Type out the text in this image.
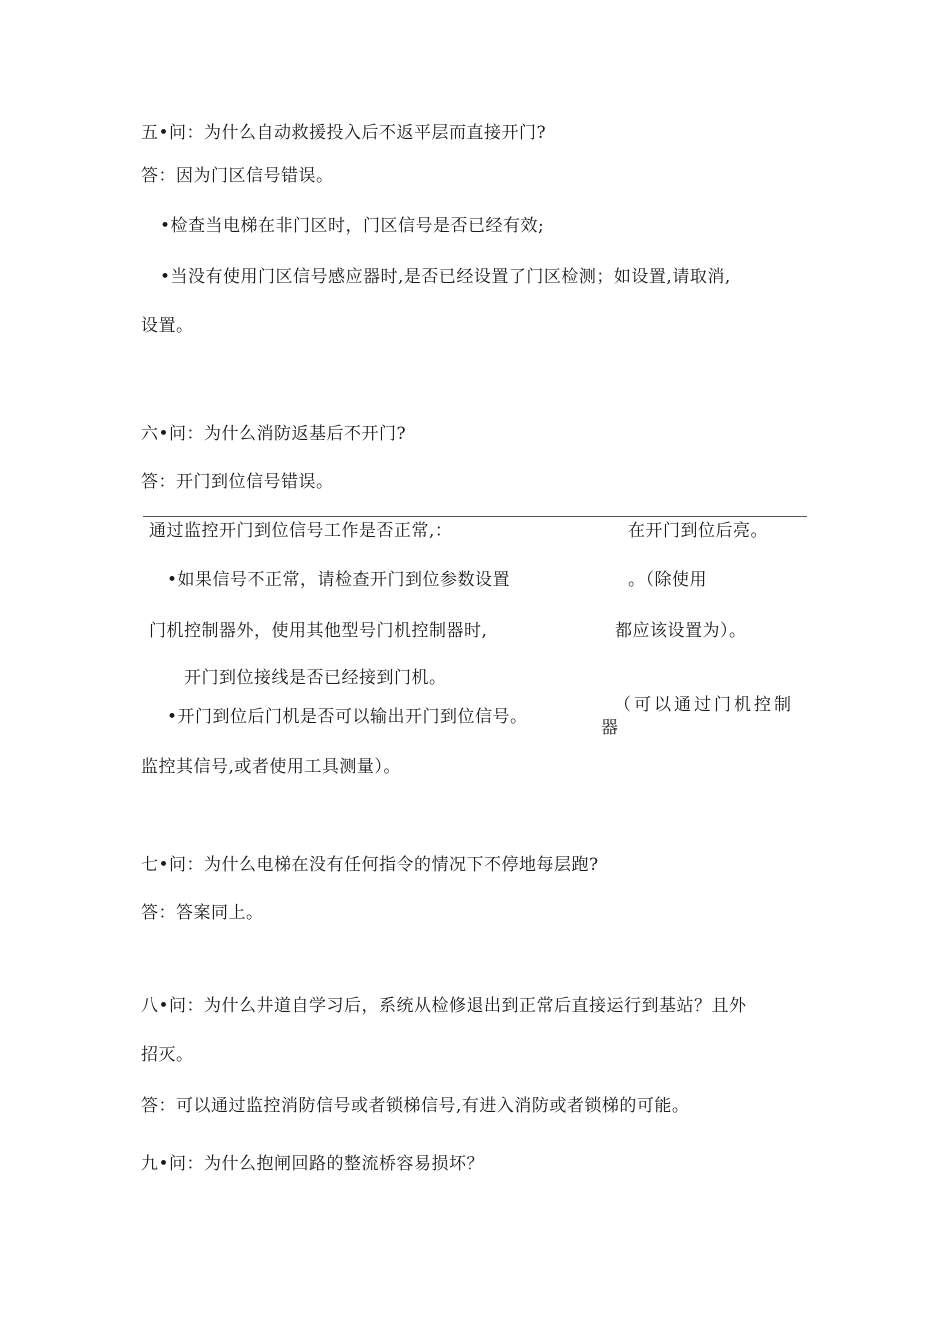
五•问：为什么自动救援投入后不返平层而直接开门?
答：因为门区信号错误。
•检查当电梯在非门区时，门区信号是否已经有效;
•当没有使用门区信号感应器时,是否已经设置了门区检测；如设置,请取消,
设置。
六•问：为什么消防返基后不开门?
答：开门到位信号错误。
通过监控开门到位信号工作是否正常,：	在开门到位后亮。
•如果信号不正常，请检查开门到位参数设置	。（除使用
门机控制器外，使用其他型号门机控制器时,	都应该设置为）。
开门到位接线是否已经接到门机。
•开门到位后门机是否可以输出开门到位信号。
（可以通过门机控制
器
监控其信号,或者使用工具测量）。
七•问：为什么电梯在没有任何指令的情况下不停地每层跑?
答：答案同上。
八•问：为什么井道自学习后，系统从检修退出到正常后直接运行到基站？且外
招灭。
答：可以通过监控消防信号或者锁梯信号,有进入消防或者锁梯的可能。
九•问：为什么抱闸回路的整流桥容易损坏？
